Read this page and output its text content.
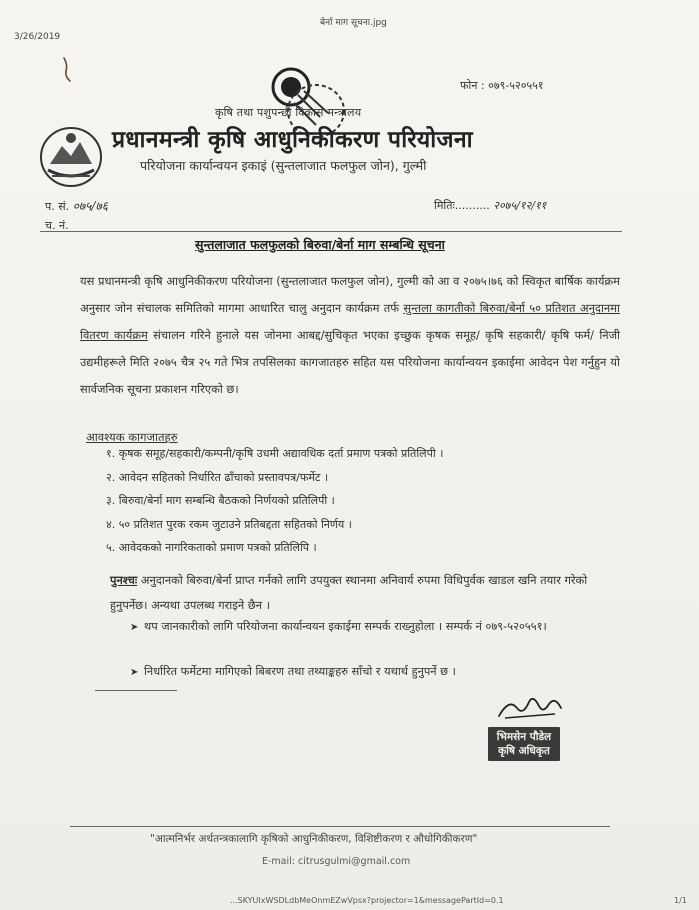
3/26/2019
बेर्ना माग सूचना.jpg
फोन : ०७९-५२०५५१
कृषि तथा पशुपन्छी विकास मन्त्रालय
प्रधानमन्त्री कृषि आधुनिकीकरण परियोजना
परियोजना कार्यान्वयन इकाइं (सुन्तलाजात फलफुल जोन), गुल्मी
प. सं. ०७५/७६
च. नं.
मितिः.......... २०७५/१२/११
सुन्तलाजात फलफुलको बिरुवा/बेर्ना माग सम्बन्धि सूचना
यस प्रधानमन्त्री कृषि आधुनिकीकरण परियोजना (सुन्तलाजात फलफुल जोन), गुल्मी को आ व २०७५।७६ को स्विकृत बार्षिक कार्यक्रम अनुसार जोन संचालक समितिको मागमा आधारित चालु अनुदान कार्यक्रम तर्फ सुन्तला कागतीको बिरुवा/बेर्ना ५० प्रतिशत अनुदानमा वितरण कार्यक्रम संचालन गरिने हुनाले यस जोनमा आबद्द/सुचिकृत भएका इच्छुक कृषक समूह/ कृषि सहकारी/ कृषि फर्म/ निजी उद्यमीहरूले मिति २०७५ चैत्र २५ गते भित्र तपसिलका कागजातहरु सहित यस परियोजना कार्यान्वयन इकाईमा आवेदन पेश गर्नुहुन यो सार्वजनिक सूचना प्रकाशन गरिएको छ।
आवश्यक कागजातहरु
१. कृषक समूह/सहकारी/कम्पनी/कृषि उधमी अद्यावधिक दर्ता प्रमाण पत्रको प्रतिलिपी ।
२. आवेदन सहितको निर्धारित ढाँचाको प्रस्तावपत्र/फर्मेट ।
३. बिरुवा/बेर्ना माग सम्बन्धि बैठकको निर्णयको प्रतिलिपी ।
४. ५० प्रतिशत पुरक रकम जुटाउने प्रतिबद्दता सहितको निर्णय ।
५. आवेदकको नागरिकताको प्रमाण पत्रको प्रतिलिपि ।
पुनश्चः अनुदानको बिरुवा/बेर्ना प्राप्त गर्नको लागि उपयुक्त स्थानमा अनिवार्य रुपमा विधिपुर्वक खाडल खनि तयार गरेको हुनुपर्नेछ। अन्यथा उपलब्ध गराइने छैन ।
➤ थप जानकारीको लागि परियोजना कार्यान्वयन इकाईमा सम्पर्क राख्नुहोला । सम्पर्क नं ०७९-५२०५५१।
➤ निर्धारित फर्मेटमा मागिएको बिबरण तथा तथ्याङ्कहरु साँचो र यथार्थ हुनुपर्ने छ ।
भिमसेन पौडेल
कृषि अधिकृत
"आत्मनिर्भर अर्थतन्त्रकालागि कृषिको आधुनिकीकरण, विशिष्टीकरण र औधोगिकीकरण"
E-mail: citrusgulmi@gmail.com
...SKYUIxWSDLdbMeOnmEZwVpsx?projector=1&messagePartId=0.1	1/1
